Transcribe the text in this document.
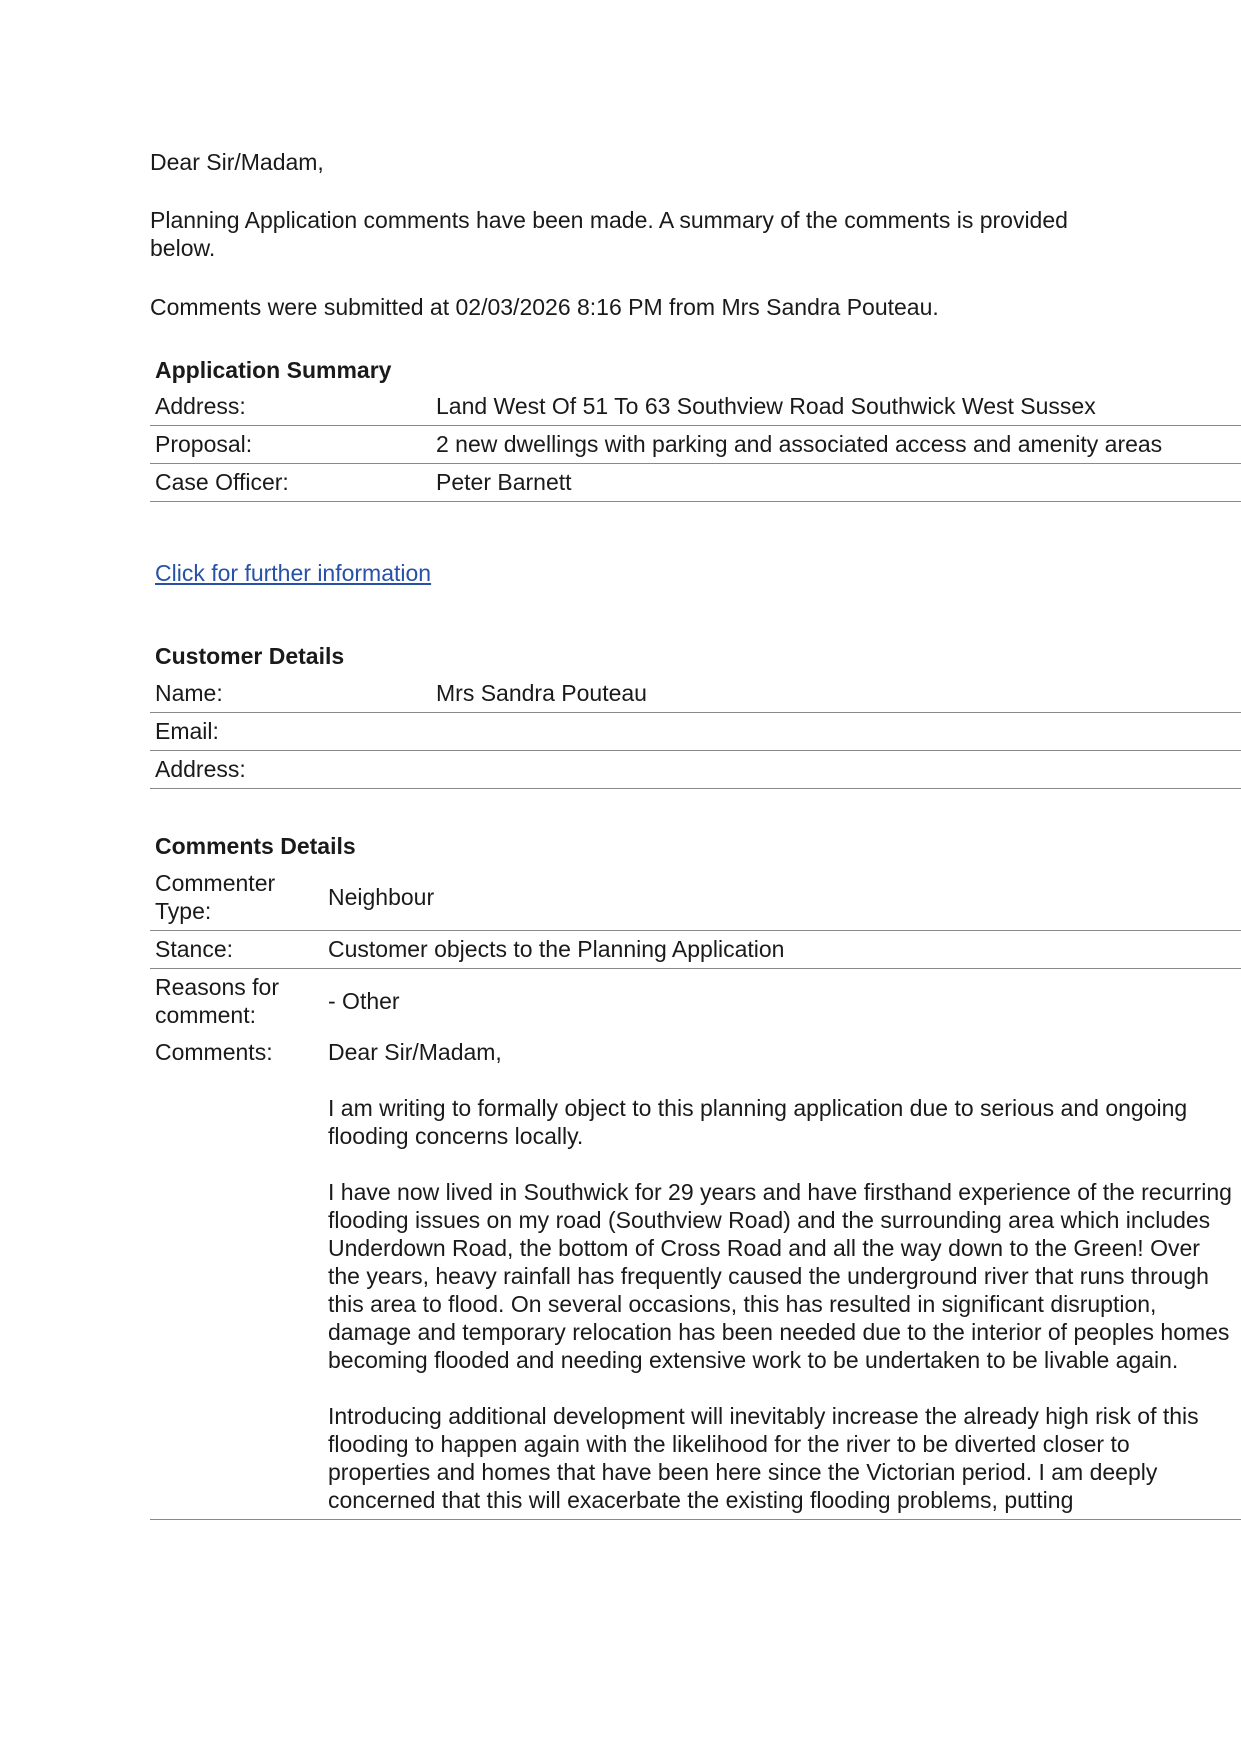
Dear Sir/Madam,

Planning Application comments have been made. A summary of the comments is provided below.

Comments were submitted at 02/03/2026 8:16 PM from Mrs Sandra Pouteau.

Application Summary	
Address:	Land West Of 51 To 63 Southview Road Southwick West Sussex
Proposal:	2 new dwellings with parking and associated access and amenity areas
Case Officer:	Peter Barnett
Click for further information
Customer Details	
Name:	Mrs Sandra Pouteau
Email:	
Address:	
Comments Details	
Commenter Type:	Neighbour
Stance:	Customer objects to the Planning Application
Reasons for comment:	- Other
Comments:	Dear Sir/Madam,

I am writing to formally object to this planning application due to serious and ongoing flooding concerns locally.

I have now lived in Southwick for 29 years and have firsthand experience of the recurring flooding issues on my road (Southview Road) and the surrounding area which includes Underdown Road, the bottom of Cross Road and all the way down to the Green! Over the years, heavy rainfall has frequently caused the underground river that runs through this area to flood. On several occasions, this has resulted in significant disruption, damage and temporary relocation has been needed due to the interior of peoples homes becoming flooded and needing extensive work to be undertaken to be livable again.

Introducing additional development will inevitably increase the already high risk of this flooding to happen again with the likelihood for the river to be diverted closer to properties and homes that have been here since the Victorian period. I am deeply concerned that this will exacerbate the existing flooding problems, putting
